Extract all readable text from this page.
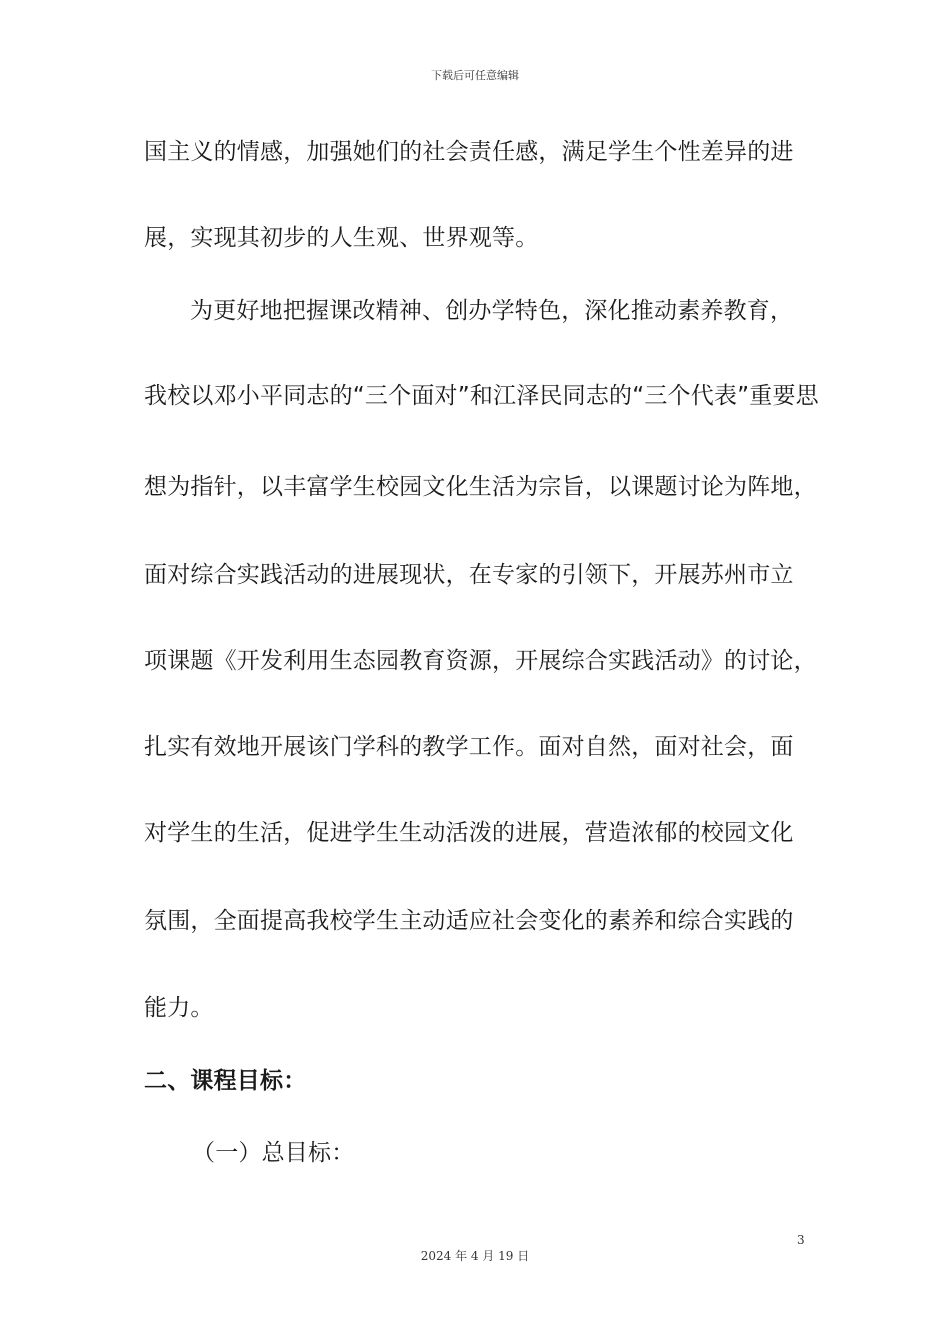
下载后可任意编辑
国主义的情感，加强她们的社会责任感，满足学生个性差异的进
展，实现其初步的人生观、世界观等。
为更好地把握课改精神、创办学特色，深化推动素养教育，
我校以邓小平同志的“三个面对”和江泽民同志的“三个代表”重要思
想为指针，以丰富学生校园文化生活为宗旨，以课题讨论为阵地，
面对综合实践活动的进展现状，在专家的引领下，开展苏州市立
项课题《开发利用生态园教育资源，开展综合实践活动》的讨论，
扎实有效地开展该门学科的教学工作。面对自然，面对社会，面
对学生的生活，促进学生生动活泼的进展，营造浓郁的校园文化
氛围，全面提高我校学生主动适应社会变化的素养和综合实践的
能力。
二、课程目标：
（一）总目标：
3
2024 年 4 月 19 日
